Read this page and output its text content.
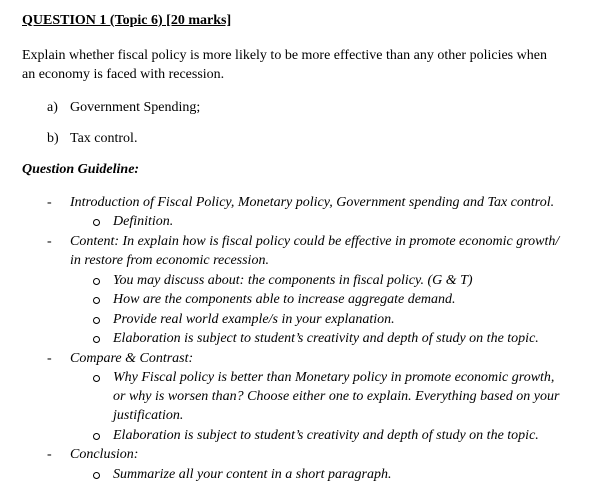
QUESTION 1 (Topic 6) [20 marks]
Explain whether fiscal policy is more likely to be more effective than any other policies when
an economy is faced with recession.
a) Government Spending;
b) Tax control.
Question Guideline:
- Introduction of Fiscal Policy, Monetary policy, Government spending and Tax control.
Definition.
- Content: In explain how is fiscal policy could be effective in promote economic growth/
in restore from economic recession.
You may discuss about: the components in fiscal policy. (G & T)
How are the components able to increase aggregate demand.
Provide real world example/s in your explanation.
Elaboration is subject to student’s creativity and depth of study on the topic.
- Compare & Contrast:
Why Fiscal policy is better than Monetary policy in promote economic growth,
or why is worsen than? Choose either one to explain. Everything based on your
justification.
Elaboration is subject to student’s creativity and depth of study on the topic.
- Conclusion:
Summarize all your content in a short paragraph.
